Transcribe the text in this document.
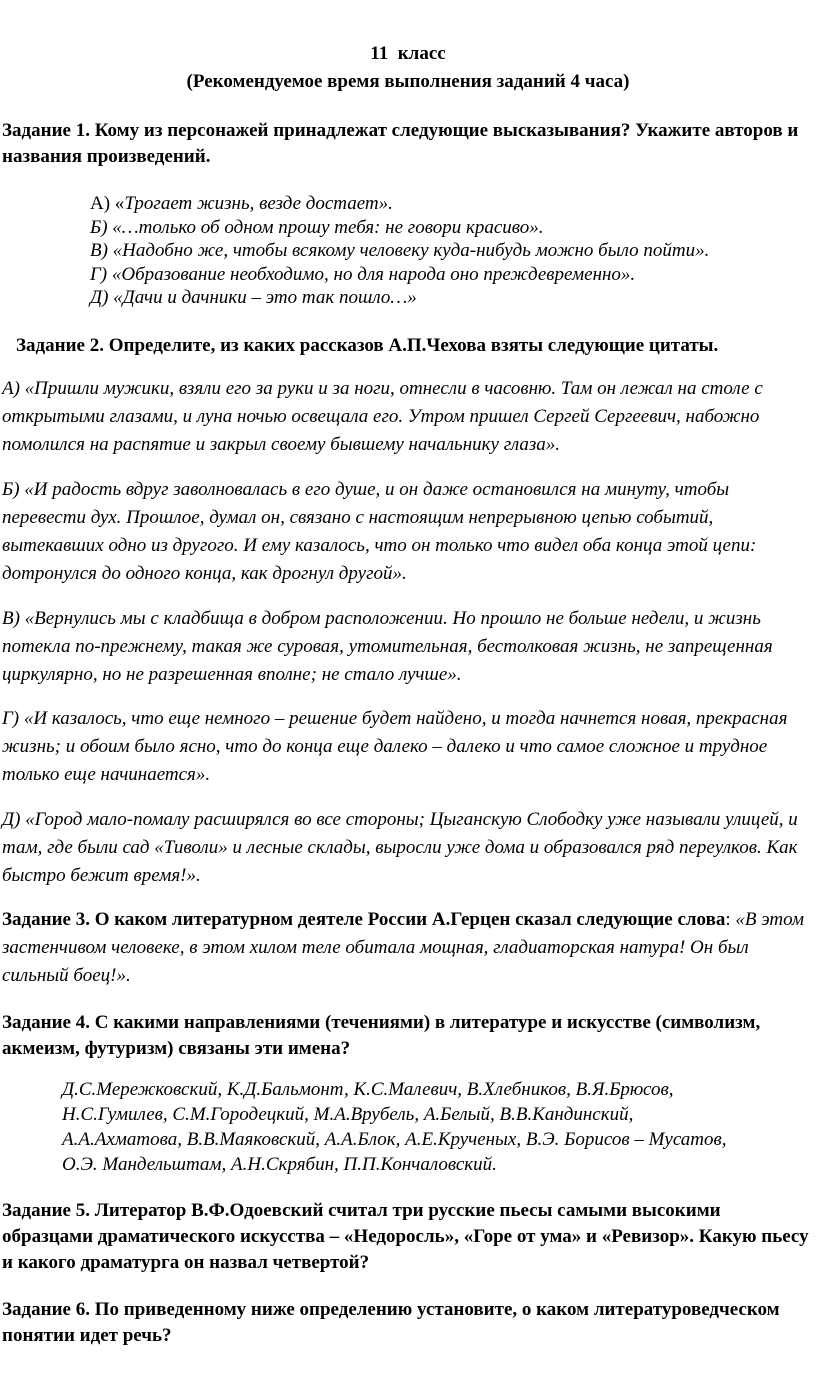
11  класс
(Рекомендуемое время выполнения заданий 4 часа)
Задание 1. Кому из персонажей принадлежат следующие высказывания? Укажите авторов и названия произведений.
А) «Трогает жизнь, везде достает».
Б) «…только об одном прошу тебя: не говори красиво».
В) «Надобно же, чтобы всякому человеку куда-нибудь можно было пойти».
Г) «Образование необходимо, но для народа оно преждевременно».
Д) «Дачи и дачники – это так пошло…»
Задание 2. Определите, из каких рассказов А.П.Чехова взяты следующие цитаты.
А) «Пришли мужики, взяли его за руки и за ноги, отнесли в часовню. Там он лежал на столе с открытыми глазами, и луна ночью освещала его. Утром пришел Сергей Сергеевич, набожно помолился на распятие и закрыл своему бывшему начальнику глаза».
Б) «И радость вдруг заволновалась в его душе, и он даже остановился на минуту, чтобы перевести дух. Прошлое, думал он, связано с настоящим непрерывною цепью событий, вытекавших одно из другого. И ему казалось, что он только что видел оба конца этой цепи: дотронулся до одного конца, как дрогнул другой».
В) «Вернулись мы с кладбища в добром расположении. Но прошло не больше недели, и жизнь потекла по-прежнему, такая же суровая, утомительная, бестолковая жизнь, не запрещенная циркулярно, но не разрешенная вполне; не стало лучше».
Г) «И казалось, что еще немного – решение будет найдено, и тогда начнется новая, прекрасная жизнь; и обоим было ясно, что до конца еще далеко – далеко и что самое сложное и трудное только еще начинается».
Д) «Город мало-помалу расширялся во все стороны; Цыганскую Слободку уже называли улицей, и там, где были сад «Тиволи» и лесные склады, выросли уже дома и образовался ряд переулков. Как быстро бежит время!».
Задание 3. О каком литературном деятеле России А.Герцен сказал следующие слова: «В этом застенчивом человеке, в этом хилом теле обитала мощная, гладиаторская натура! Он был сильный боец!».
Задание 4. С какими направлениями (течениями) в литературе и искусстве (символизм, акмеизм, футуризм) связаны эти имена?
Д.С.Мережковский, К.Д.Бальмонт, К.С.Малевич, В.Хлебников, В.Я.Брюсов,
Н.С.Гумилев, С.М.Городецкий, М.А.Врубель, А.Белый, В.В.Кандинский,
А.А.Ахматова, В.В.Маяковский, А.А.Блок, А.Е.Крученых, В.Э. Борисов – Мусатов,
О.Э. Мандельштам, А.Н.Скрябин, П.П.Кончаловский.
Задание 5. Литератор В.Ф.Одоевский считал три русские пьесы самыми высокими образцами драматического искусства – «Недоросль», «Горе от ума» и «Ревизор». Какую пьесу и какого драматурга он назвал четвертой?
Задание 6. По приведенному ниже определению установите, о каком литературоведческом понятии идет речь?
